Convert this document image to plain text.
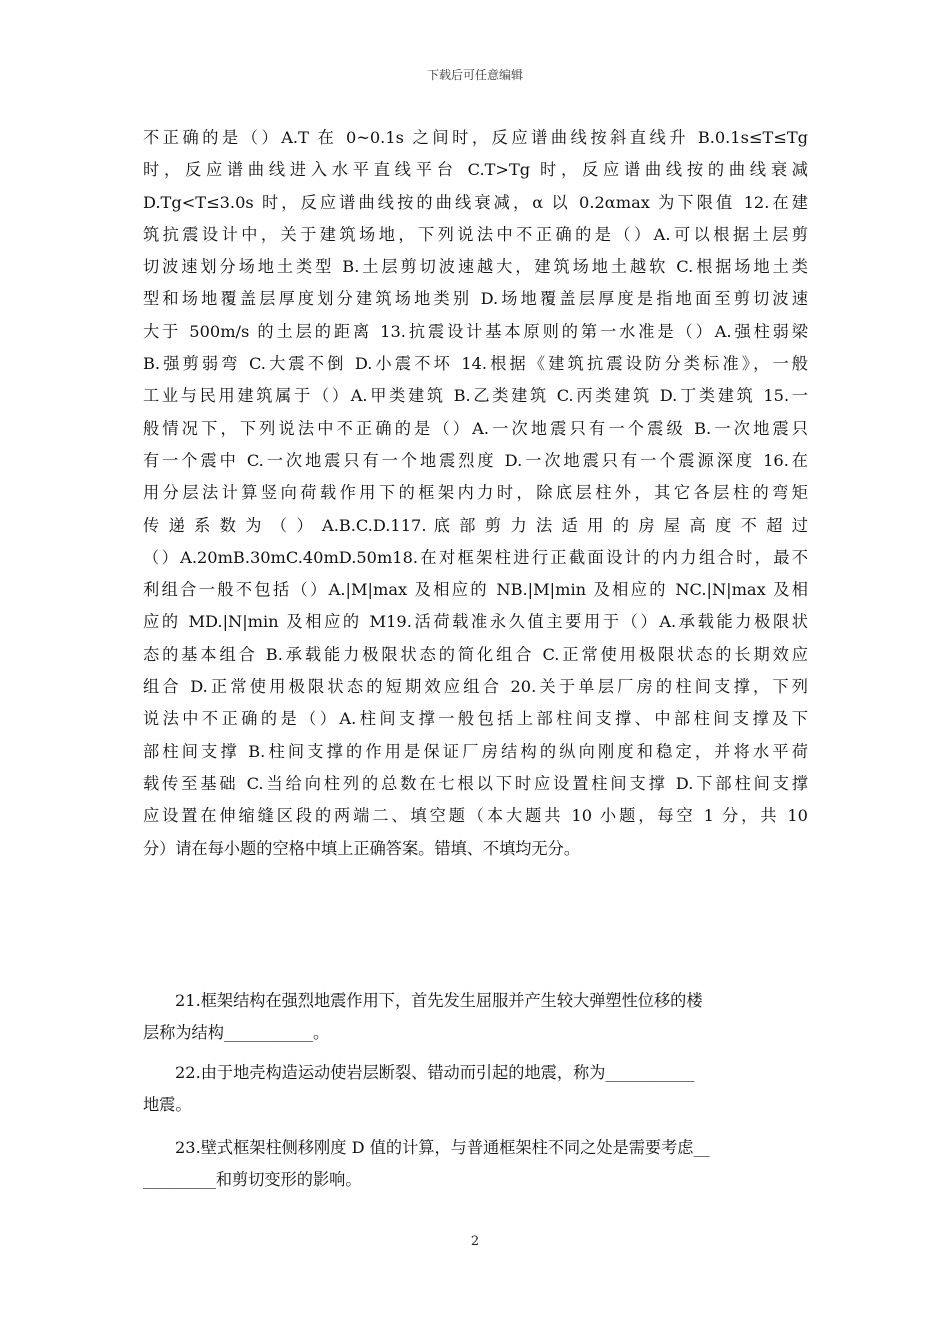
下载后可任意编辑
不正确的是（）A.T 在 0~0.1s 之间时，反应谱曲线按斜直线升 B.0.1s≤T≤Tg
时，反应谱曲线进入水平直线平台 C.T>Tg 时，反应谱曲线按的曲线衰减
D.Tg<T≤3.0s 时，反应谱曲线按的曲线衰减，α 以 0.2αmax 为下限值 12.在建
筑抗震设计中，关于建筑场地，下列说法中不正确的是（）A.可以根据土层剪
切波速划分场地土类型 B.土层剪切波速越大，建筑场地土越软 C.根据场地土类
型和场地覆盖层厚度划分建筑场地类别 D.场地覆盖层厚度是指地面至剪切波速
大于 500m/s 的土层的距离 13.抗震设计基本原则的第一水准是（）A.强柱弱梁
B.强剪弱弯 C.大震不倒 D.小震不坏 14.根据《建筑抗震设防分类标准》，一般
工业与民用建筑属于（）A.甲类建筑 B.乙类建筑 C.丙类建筑 D.丁类建筑 15.一
般情况下，下列说法中不正确的是（）A.一次地震只有一个震级 B.一次地震只
有一个震中 C.一次地震只有一个地震烈度 D.一次地震只有一个震源深度 16.在
用分层法计算竖向荷载作用下的框架内力时，除底层柱外，其它各层柱的弯矩
传 递 系 数 为 （ ） A.B.C.D.117. 底 部 剪 力 法 适 用 的 房 屋 高 度 不 超 过
（）A.20mB.30mC.40mD.50m18.在对框架柱进行正截面设计的内力组合时，最不
利组合一般不包括（）A.|M|max 及相应的 NB.|M|min 及相应的 NC.|N|max 及相
应的 MD.|N|min 及相应的 M19.活荷载准永久值主要用于（）A.承载能力极限状
态的基本组合 B.承载能力极限状态的简化组合 C.正常使用极限状态的长期效应
组合 D.正常使用极限状态的短期效应组合 20.关于单层厂房的柱间支撑，下列
说法中不正确的是（）A.柱间支撑一般包括上部柱间支撑、中部柱间支撑及下
部柱间支撑 B.柱间支撑的作用是保证厂房结构的纵向刚度和稳定，并将水平荷
载传至基础 C.当给向柱列的总数在七根以下时应设置柱间支撑 D.下部柱间支撑
应设置在伸缩缝区段的两端二、填空题（本大题共 10 小题，每空 1 分，共 10
分）请在每小题的空格中填上正确答案。错填、不填均无分。
21.框架结构在强烈地震作用下，首先发生屈服并产生较大弹塑性位移的楼
层称为结构___________。
22.由于地壳构造运动使岩层断裂、错动而引起的地震，称为___________
地震。
23.壁式框架柱侧移刚度 D 值的计算，与普通框架柱不同之处是需要考虑__
_________和剪切变形的影响。
2
